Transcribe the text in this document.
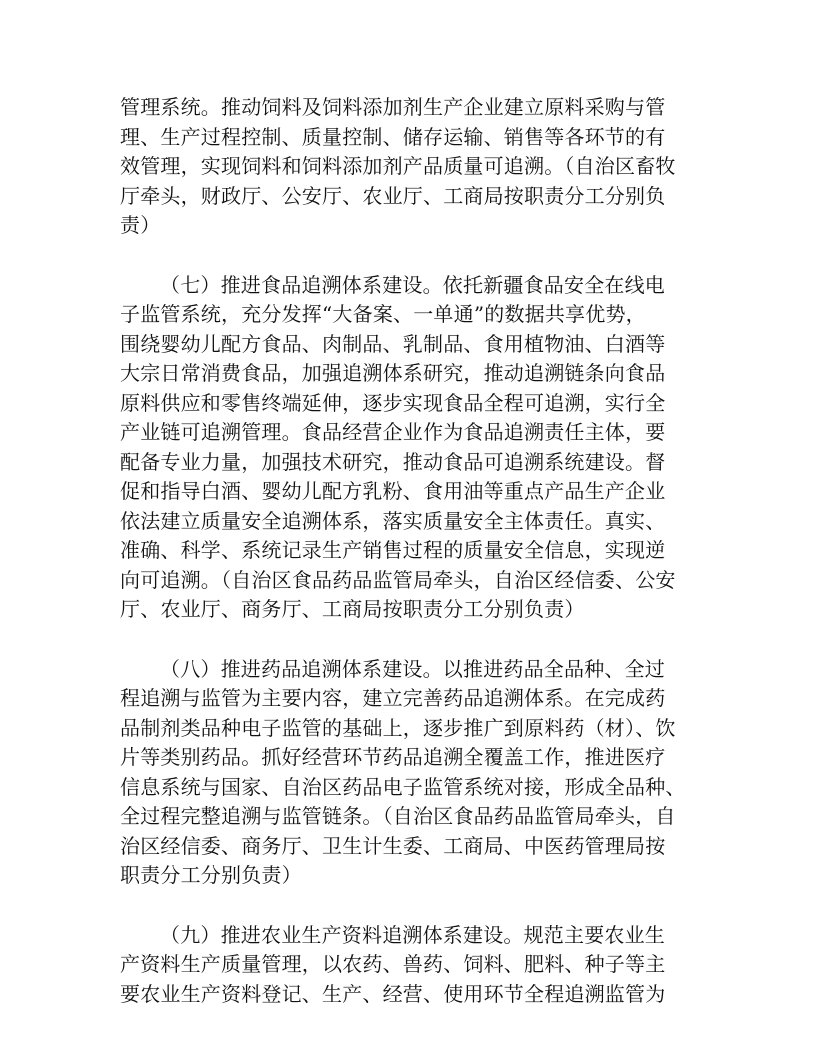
管理系统。推动饲料及饲料添加剂生产企业建立原料采购与管
理、生产过程控制、质量控制、储存运输、销售等各环节的有
效管理，实现饲料和饲料添加剂产品质量可追溯。（自治区畜牧
厅牵头，财政厅、公安厅、农业厅、工商局按职责分工分别负
责）

（七）推进食品追溯体系建设。依托新疆食品安全在线电
子监管系统，充分发挥“大备案、一单通”的数据共享优势，
围绕婴幼儿配方食品、肉制品、乳制品、食用植物油、白酒等
大宗日常消费食品，加强追溯体系研究，推动追溯链条向食品
原料供应和零售终端延伸，逐步实现食品全程可追溯，实行全
产业链可追溯管理。食品经营企业作为食品追溯责任主体，要
配备专业力量，加强技术研究，推动食品可追溯系统建设。督
促和指导白酒、婴幼儿配方乳粉、食用油等重点产品生产企业
依法建立质量安全追溯体系，落实质量安全主体责任。真实、
准确、科学、系统记录生产销售过程的质量安全信息，实现逆
向可追溯。（自治区食品药品监管局牵头，自治区经信委、公安
厅、农业厅、商务厅、工商局按职责分工分别负责）

（八）推进药品追溯体系建设。以推进药品全品种、全过
程追溯与监管为主要内容，建立完善药品追溯体系。在完成药
品制剂类品种电子监管的基础上，逐步推广到原料药（材）、饮
片等类别药品。抓好经营环节药品追溯全覆盖工作，推进医疗
信息系统与国家、自治区药品电子监管系统对接，形成全品种、
全过程完整追溯与监管链条。（自治区食品药品监管局牵头，自
治区经信委、商务厅、卫生计生委、工商局、中医药管理局按
职责分工分别负责）

（九）推进农业生产资料追溯体系建设。规范主要农业生
产资料生产质量管理，以农药、兽药、饲料、肥料、种子等主
要农业生产资料登记、生产、经营、使用环节全程追溯监管为
